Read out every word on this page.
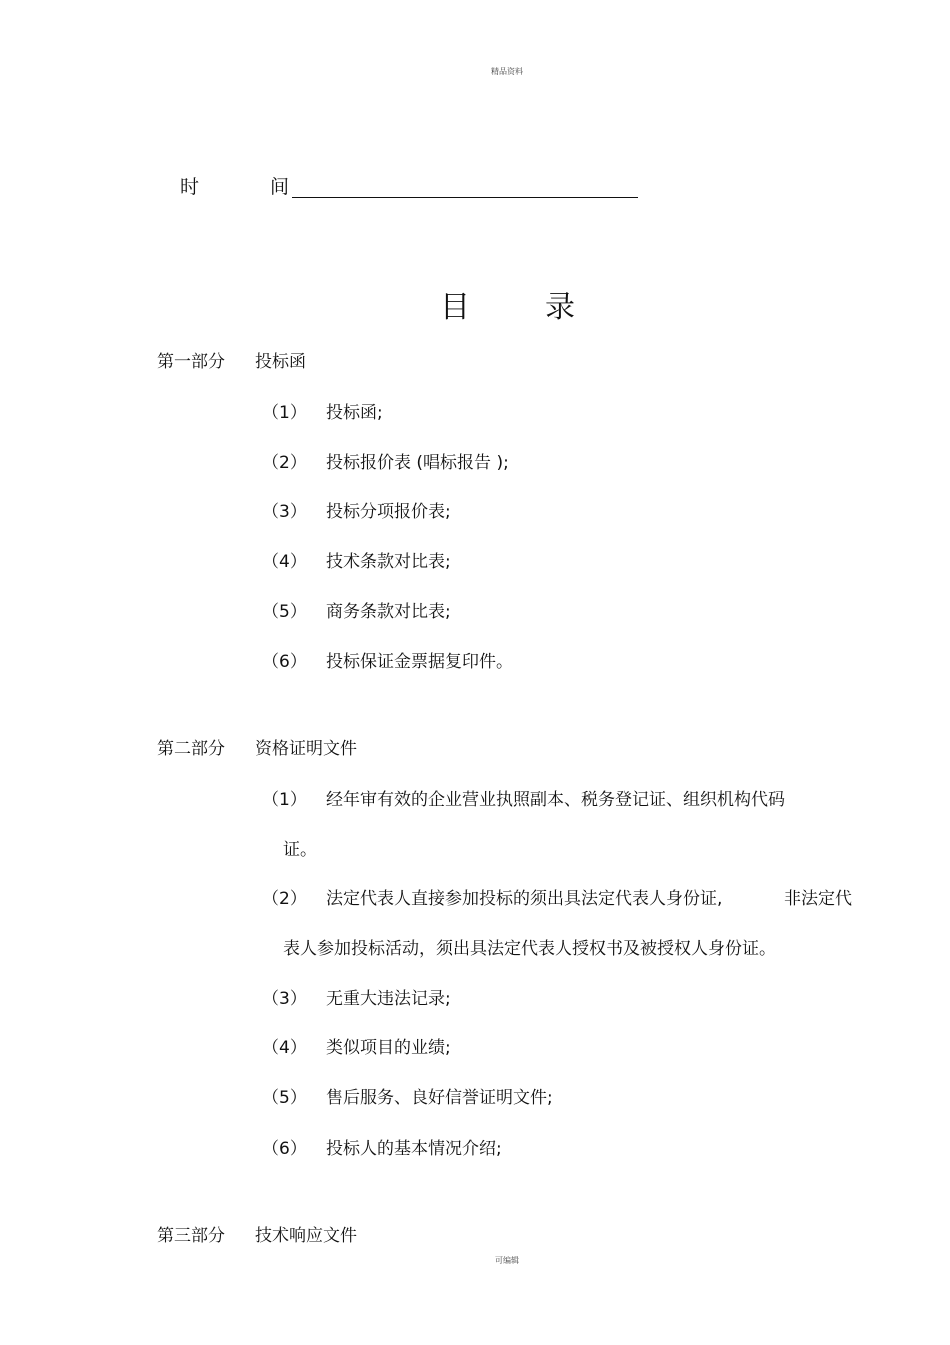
精品资料
时	间
目	录
第一部分 投标函
（1） 投标函;
（2） 投标报价表 (唱标报告 );
（3） 投标分项报价表;
（4） 技术条款对比表;
（5） 商务条款对比表;
（6） 投标保证金票据复印件。
第二部分 资格证明文件
（1） 经年审有效的企业营业执照副本、税务登记证、组织机构代码
证。
（2） 法定代表人直接参加投标的须出具法定代表人身份证,	非法定代
表人参加投标活动，须出具法定代表人授权书及被授权人身份证。
（3） 无重大违法记录;
（4） 类似项目的业绩;
（5） 售后服务、良好信誉证明文件;
（6） 投标人的基本情况介绍;
第三部分 技术响应文件
可编辑
